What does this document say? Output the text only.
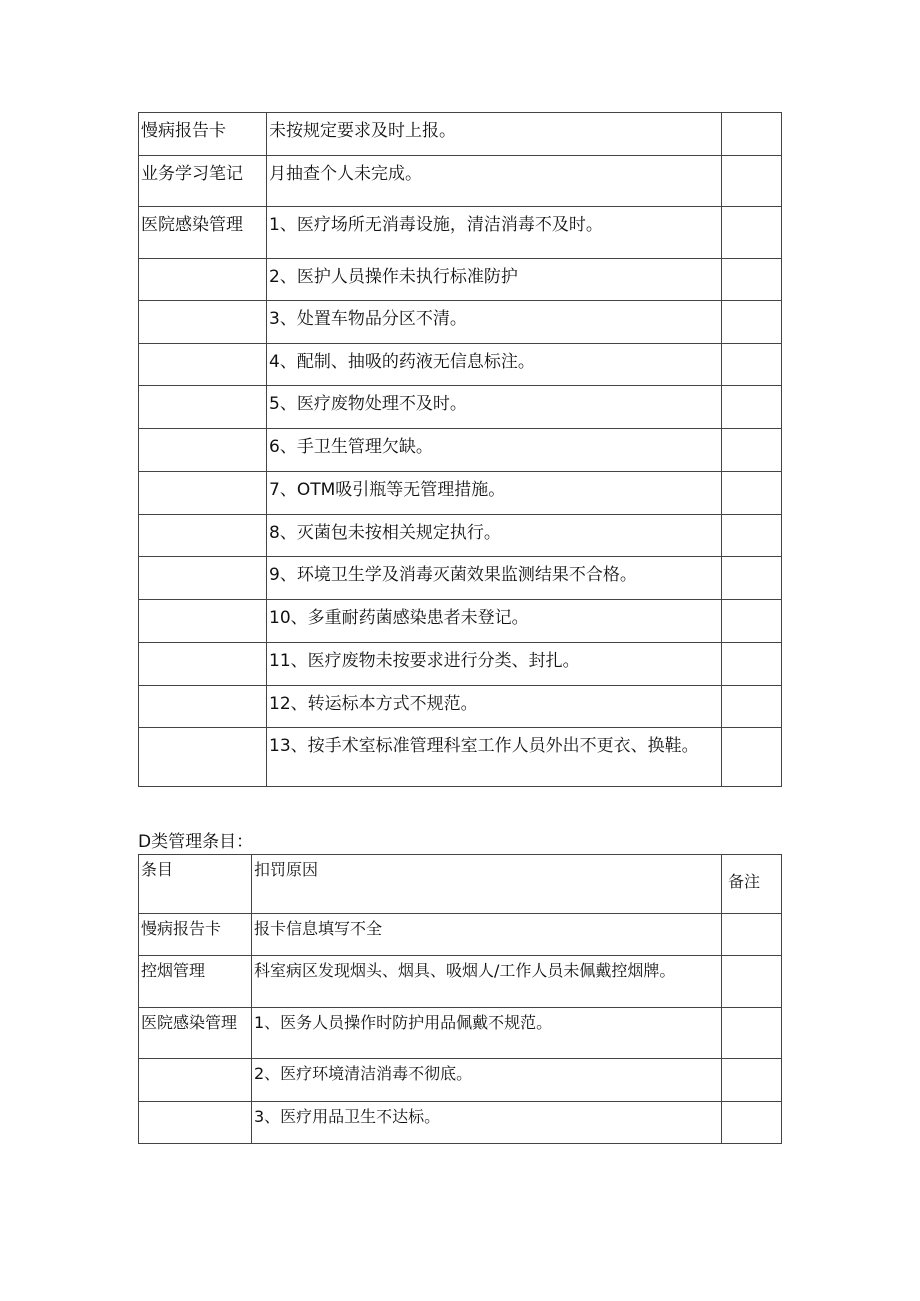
慢病报告卡	未按规定要求及时上报。	

业务学习笔记	月抽查个人未完成。	

医院感染管理	1、医疗场所无消毒设施，清洁消毒不及时。	

	2、医护人员操作未执行标准防护	

	3、处置车物品分区不清。	

	4、配制、抽吸的药液无信息标注。	

	5、医疗废物处理不及时。	

	6、手卫生管理欠缺。	

	7、OTM吸引瓶等无管理措施。	

	8、灭菌包未按相关规定执行。	

	9、环境卫生学及消毒灭菌效果监测结果不合格。	

	10、多重耐药菌感染患者未登记。	

	11、医疗废物未按要求进行分类、封扎。	

	12、转运标本方式不规范。	

	13、按手术室标准管理科室工作人员外出不更衣、换鞋。	

D类管理条目：
条目	扣罚原因	备注

慢病报告卡	报卡信息填写不全	

控烟管理	科室病区发现烟头、烟具、吸烟人/工作人员未佩戴控烟牌。	

医院感染管理	1、医务人员操作时防护用品佩戴不规范。	

	2、医疗环境清洁消毒不彻底。	

	3、医疗用品卫生不达标。	
